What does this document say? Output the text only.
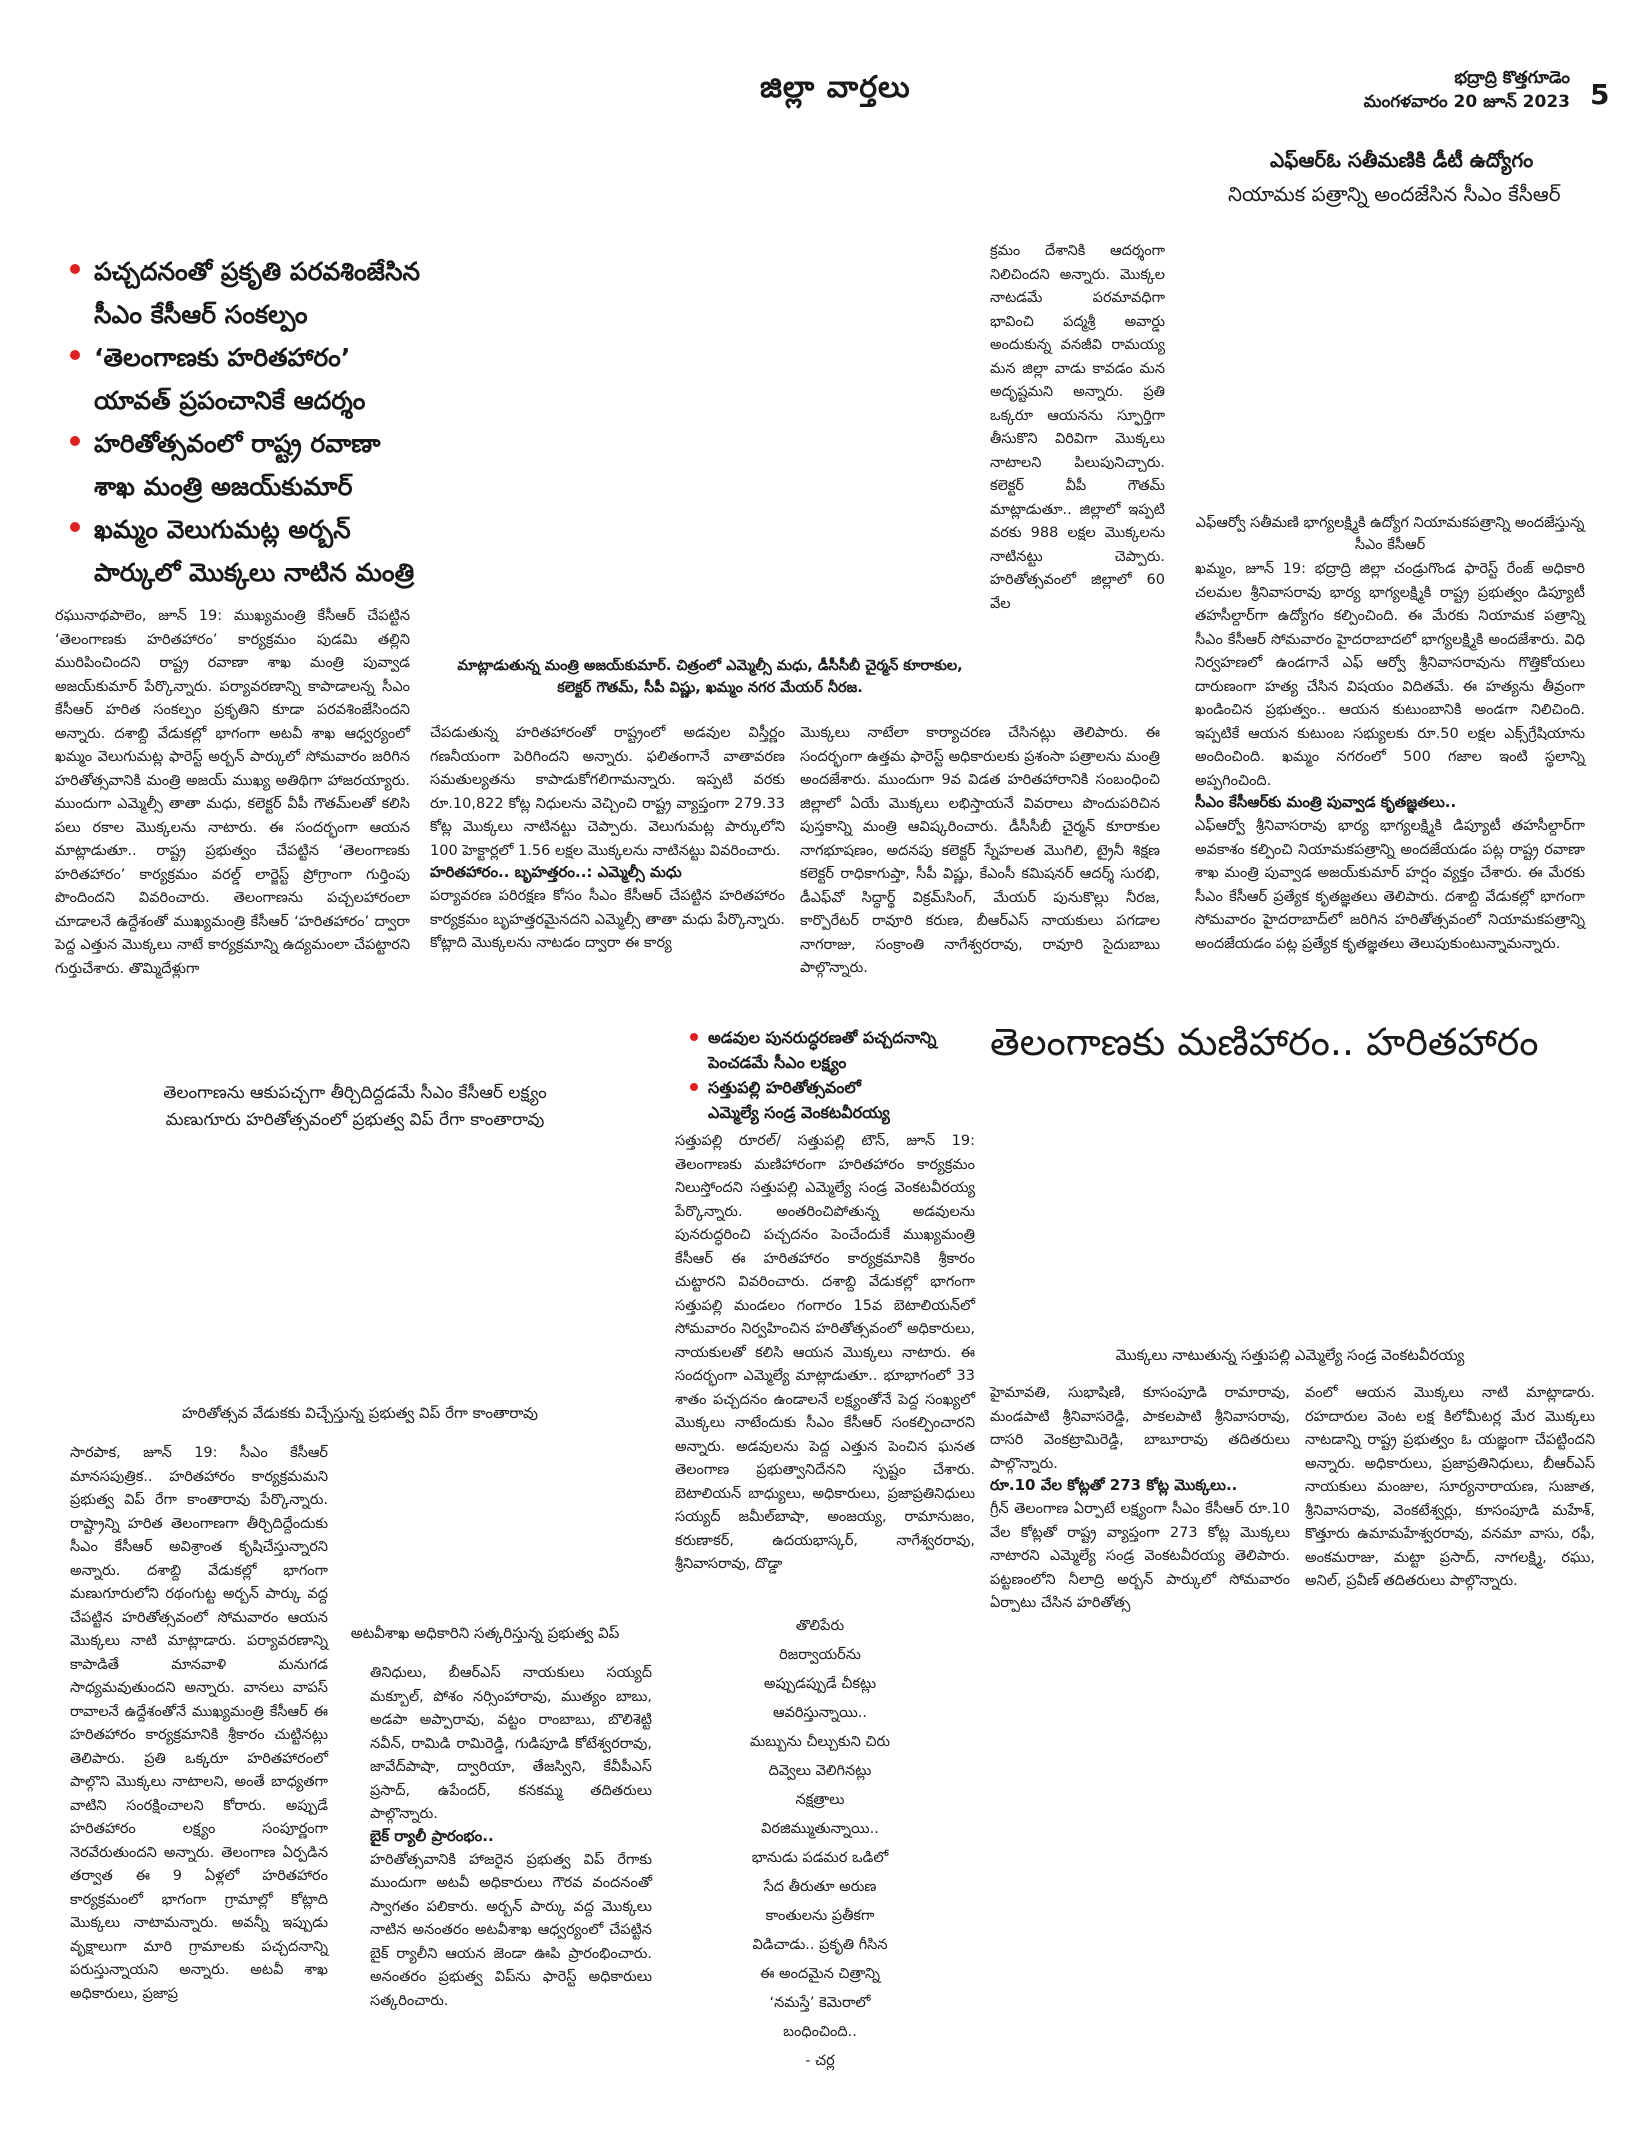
జిల్లా వార్తలు	భద్రాద్రి కొత్తగూడెం
మంగళవారం 20 జూన్ 2023 5
ఎఫ్ఆర్ఓ సతీమణికి డీటీ ఉద్యోగం
నియామక పత్రాన్ని అందజేసిన సీఎం కేసీఆర్
ఎఫ్ఆర్వో సతీమణి భాగ్యలక్ష్మికి ఉద్యోగ నియామకపత్రాన్ని అందజేస్తున్న సీఎం కేసీఆర్
ఖమ్మం, జూన్ 19: భద్రాద్రి జిల్లా చండ్రుగొండ ఫారెస్ట్ రేంజ్ అధికారి చలమల శ్రీనివాసరావు భార్య భాగ్యలక్ష్మికి రాష్ట్ర ప్రభుత్వం డిప్యూటీ తహసీల్దార్‌గా ఉద్యోగం కల్పించింది. ఈ మేరకు నియామక పత్రాన్ని సీఎం కేసీఆర్ సోమవారం హైదరాబాదలో భాగ్యలక్ష్మికి అందజేశారు. విధి నిర్వహణలో ఉండగానే ఎఫ్ ఆర్వో శ్రీనివాసరావును గొత్తికోయలు దారుణంగా హత్య చేసిన విషయం విదితమే. ఈ హత్యను తీవ్రంగా ఖండించిన ప్రభుత్వం.. ఆయన కుటుంబానికి అండగా నిలిచింది. ఇప్పటికే ఆయన కుటుంబ సభ్యులకు రూ.50 లక్షల ఎక్స్‌గ్రేషియాను అందించింది. ఖమ్మం నగరంలో 500 గజాల ఇంటి స్థలాన్ని అప్పగించింది.
సీఎం కేసీఆర్‌కు మంత్రి పువ్వాడ కృతజ్ఞతలు..
ఎఫ్ఆర్వో శ్రీనివాసరావు భార్య భాగ్యలక్ష్మికి డిప్యూటీ తహసీల్దార్‌గా అవకాశం కల్పించి నియామకపత్రాన్ని అందజేయడం పట్ల రాష్ట్ర రవాణా శాఖ మంత్రి పువ్వాడ అజయ్‌కుమార్ హర్షం వ్యక్తం చేశారు. ఈ మేరకు సీఎం కేసీఆర్ ప్రత్యేక కృతజ్ఞతలు తెలిపారు. దశాబ్ది వేడుకల్లో భాగంగా సోమవారం హైదరాబాద్‌లో జరిగిన హరితోత్సవంలో నియామకపత్రాన్ని అందజేయడం పట్ల ప్రత్యేక కృతజ్ఞతలు తెలుపుకుంటున్నామన్నారు.
పచ్చదనంతో ప్రకృతి పరవశింజేసిన
సీఎం కేసీఆర్ సంకల్పం
‘తెలంగాణకు హరితహారం’
యావత్ ప్రపంచానికే ఆదర్శం
హరితోత్సవంలో రాష్ట్ర రవాణా
శాఖ మంత్రి అజయ్‌కుమార్
ఖమ్మం వెలుగుమట్ల అర్బన్
పార్కులో మొక్కలు నాటిన మంత్రి
క్రమం దేశానికి ఆదర్శంగా నిలిచిందని అన్నారు. మొక్కల నాటడమే పరమావధిగా భావించి పద్మశ్రీ అవార్డు అందుకున్న వనజీవి రామయ్య మన జిల్లా వాడు కావడం మన అదృష్టమని అన్నారు. ప్రతి ఒక్కరూ ఆయనను స్ఫూర్తిగా తీసుకొని విరివిగా మొక్కలు నాటాలని పిలుపునిచ్చారు. కలెక్టర్ వీపీ గౌతమ్ మాట్లాడుతూ.. జిల్లాలో ఇప్పటి వరకు 988 లక్షల మొక్కలను నాటినట్టు చెప్పారు. హరితోత్సవంలో జిల్లాలో 60 వేల
మాట్లాడుతున్న మంత్రి అజయ్‌కుమార్. చిత్రంలో ఎమ్మెల్సీ మధు, డీసీసీబీ చైర్మన్ కూరాకుల, కలెక్టర్ గౌతమ్, సీపీ విష్ణు, ఖమ్మం నగర మేయర్ నీరజ.
రఘునాథపాలెం, జూన్ 19: ముఖ్యమంత్రి కేసీఆర్ చేపట్టిన ‘తెలంగాణకు హరితహారం’ కార్యక్రమం పుడమి తల్లిని మురిపించిందని రాష్ట్ర రవాణా శాఖ మంత్రి పువ్వాడ అజయ్‌కుమార్ పేర్కొన్నారు. పర్యావరణాన్ని కాపాడాలన్న సీఎం కేసీఆర్ హరిత సంకల్పం ప్రకృతిని కూడా పరవశింజేసిందని అన్నారు. దశాబ్ది వేడుకల్లో భాగంగా అటవీ శాఖ ఆధ్వర్యంలో ఖమ్మం వెలుగుమట్ల ఫారెస్ట్ అర్బన్ పార్కులో సోమవారం జరిగిన హరితోత్సవానికి మంత్రి అజయ్ ముఖ్య అతిథిగా హాజరయ్యారు. ముందుగా ఎమ్మెల్సీ తాతా మధు, కలెక్టర్ వీపీ గౌతమ్‌లతో కలిసి పలు రకాల మొక్కలను నాటారు. ఈ సందర్భంగా ఆయన మాట్లాడుతూ.. రాష్ట్ర ప్రభుత్వం చేపట్టిన ‘తెలంగాణకు హరితహారం’ కార్యక్రమం వరల్డ్ లార్జెస్ట్ ప్రోగ్రాంగా గుర్తింపు పొందిందని వివరించారు. తెలంగాణను పచ్చలహారంలా చూడాలనే ఉద్దేశంతో ముఖ్యమంత్రి కేసీఆర్ ‘హరితహారం’ ద్వారా పెద్ద ఎత్తున మొక్కలు నాటే కార్యక్రమాన్ని ఉద్యమంలా చేపట్టారని గుర్తుచేశారు. తొమ్మిదేళ్లుగా
చేపడుతున్న హరితహారంతో రాష్ట్రంలో అడవుల విస్తీర్ణం గణనీయంగా పెరిగిందని అన్నారు. ఫలితంగానే వాతావరణ సమతుల్యతను కాపాడుకోగలిగామన్నారు. ఇప్పటి వరకు రూ.10,822 కోట్ల నిధులను వెచ్చించి రాష్ట్ర వ్యాప్తంగా 279.33 కోట్ల మొక్కలు నాటినట్టు చెప్పారు. వెలుగుమట్ల పార్కులోని 100 హెక్టార్లలో 1.56 లక్షల మొక్కలను నాటినట్టు వివరించారు.
హరితహారం.. బృహత్తరం..: ఎమ్మెల్సీ మధు
పర్యావరణ పరిరక్షణ కోసం సీఎం కేసీఆర్ చేపట్టిన హరితహారం కార్యక్రమం బృహత్తరమైనదని ఎమ్మెల్సీ తాతా మధు పేర్కొన్నారు. కోట్లాది మొక్కలను నాటడం ద్వారా ఈ కార్య
మొక్కలు నాటేలా కార్యాచరణ చేసినట్లు తెలిపారు. ఈ సందర్భంగా ఉత్తమ ఫారెస్ట్ అధికారులకు ప్రశంసా పత్రాలను మంత్రి అందజేశారు. ముందుగా 9వ విడత హరితహారానికి సంబంధించి జిల్లాలో ఏయే మొక్కలు లభిస్తాయనే వివరాలు పొందుపరిచిన పుస్తకాన్ని మంత్రి ఆవిష్కరించారు. డీసీసీబీ చైర్మన్ కూరాకుల నాగభూషణం, అదనపు కలెక్టర్ స్నేహలత మొగిలి, ట్రైనీ శిక్షణ కలెక్టర్ రాధికాగుప్తా, సీపీ విష్ణు, కేఎంసీ కమిషనర్ ఆదర్శ్ సురభి, డీఎఫ్‌వో సిద్ధార్థ్ విక్రమ్‌సింగ్, మేయర్ పునుకొల్లు నీరజ, కార్పొరేటర్ రావూరి కరుణ, బీఆర్ఎస్ నాయకులు పగడాల నాగరాజు, సంక్రాంతి నాగేశ్వరరావు, రావూరి సైదుబాబు పాల్గొన్నారు.
తెలంగాణను ఆకుపచ్చగా తీర్చిదిద్దడమే సీఎం కేసీఆర్ లక్ష్యం
మణుగూరు హరితోత్సవంలో ప్రభుత్వ విప్ రేగా కాంతారావు
హరితోత్సవ వేడుకకు విచ్చేస్తున్న ప్రభుత్వ విప్ రేగా కాంతారావు
సారపాక, జూన్ 19: సీఎం కేసీఆర్ మానసపుత్రిక.. హరితహారం కార్యక్రమమని ప్రభుత్వ విప్ రేగా కాంతారావు పేర్కొన్నారు. రాష్ట్రాన్ని హరిత తెలంగాణగా తీర్చిదిద్దేందుకు సీఎం కేసీఆర్ అవిశ్రాంత కృషిచేస్తున్నారని అన్నారు. దశాబ్ది వేడుకల్లో భాగంగా మణుగూరులోని రథంగుట్ట అర్బన్ పార్కు వద్ద చేపట్టిన హరితోత్సవంలో సోమవారం ఆయన మొక్కలు నాటి మాట్లాడారు. పర్యావరణాన్ని కాపాడితే మానవాళి మనుగడ సాధ్యమవుతుందని అన్నారు. వానలు వాపస్ రావాలనే ఉద్దేశంతోనే ముఖ్యమంత్రి కేసీఆర్ ఈ హరితహారం కార్యక్రమానికి శ్రీకారం చుట్టినట్లు తెలిపారు. ప్రతి ఒక్కరూ హరితహారంలో పాల్గొని మొక్కలు నాటాలని, అంతే బాధ్యతగా వాటిని సంరక్షించాలని కోరారు. అప్పుడే హరితహారం లక్ష్యం సంపూర్ణంగా నెరవేరుతుందని అన్నారు. తెలంగాణ ఏర్పడిన తర్వాత ఈ 9 ఏళ్లలో హరితహారం కార్యక్రమంలో భాగంగా గ్రామాల్లో కోట్లాది మొక్కలు నాటామన్నారు. అవన్నీ ఇప్పుడు వృక్షాలుగా మారి గ్రామాలకు పచ్చదనాన్ని పరుస్తున్నాయని అన్నారు. అటవీ శాఖ అధికారులు, ప్రజాప్ర
అటవీశాఖ అధికారిని సత్కరిస్తున్న ప్రభుత్వ విప్
తినిధులు, బీఆర్ఎస్ నాయకులు సయ్యద్ మక్బూల్, పోశం నర్సింహారావు, ముత్యం బాబు, అడపా అప్పారావు, వట్టం రాంబాబు, బొలిశెట్టి నవీన్, రామిడి రామిరెడ్డి, గుడిపూడి కోటేశ్వరరావు, జావేద్‌పాషా, ద్వారియా, తేజస్విని, కేవీపీఎస్ ప్రసాద్, ఉపేందర్, కనకమ్మ తదితరులు పాల్గొన్నారు.
బైక్ ర్యాలీ ప్రారంభం..
హరితోత్సవానికి హాజరైన ప్రభుత్వ విప్ రేగాకు ముందుగా అటవీ అధికారులు గౌరవ వందనంతో స్వాగతం పలికారు. అర్బన్ పార్కు వద్ద మొక్కలు నాటిన అనంతరం అటవీశాఖ ఆధ్వర్యంలో చేపట్టిన బైక్ ర్యాలీని ఆయన జెండా ఊపి ప్రారంభించారు. అనంతరం ప్రభుత్వ విప్‌ను ఫారెస్ట్ అధికారులు సత్కరించారు.
అడవుల పునరుద్ధరణతో పచ్చదనాన్ని
పెంచడమే సీఎం లక్ష్యం
సత్తుపల్లి హరితోత్సవంలో
ఎమ్మెల్యే సండ్ర వెంకటవీరయ్య
తెలంగాణకు మణిహారం.. హరితహారం
సత్తుపల్లి రూరల్/ సత్తుపల్లి టౌన్, జూన్ 19: తెలంగాణకు మణిహారంగా హరితహారం కార్యక్రమం నిలుస్తోందని సత్తుపల్లి ఎమ్మెల్యే సండ్ర వెంకటవీరయ్య పేర్కొన్నారు. అంతరించిపోతున్న అడవులను పునరుద్ధరించి పచ్చదనం పెంచేందుకే ముఖ్యమంత్రి కేసీఆర్ ఈ హరితహారం కార్యక్రమానికి శ్రీకారం చుట్టారని వివరించారు. దశాబ్ది వేడుకల్లో భాగంగా సత్తుపల్లి మండలం గంగారం 15వ బెటాలియన్‌లో సోమవారం నిర్వహించిన హరితోత్సవంలో అధికారులు, నాయకులతో కలిసి ఆయన మొక్కలు నాటారు. ఈ సందర్భంగా ఎమ్మెల్యే మాట్లాడుతూ.. భూభాగంలో 33 శాతం పచ్చదనం ఉండాలనే లక్ష్యంతోనే పెద్ద సంఖ్యలో మొక్కలు నాటేందుకు సీఎం కేసీఆర్ సంకల్పించారని అన్నారు. అడవులను పెద్ద ఎత్తున పెంచిన ఘనత తెలంగాణ ప్రభుత్వానిదేనని స్పష్టం చేశారు. బెటాలియన్ బాధ్యులు, అధికారులు, ప్రజాప్రతినిధులు సయ్యద్ జమీల్‌బాషా, అంజయ్య, రామానుజం, కరుణాకర్, ఉదయభాస్కర్, నాగేశ్వరరావు, శ్రీనివాసరావు, దొడ్డా
మొక్కలు నాటుతున్న సత్తుపల్లి ఎమ్మెల్యే సండ్ర వెంకటవీరయ్య
హైమావతి, సుభాషిణి, కూసంపూడి రామారావు, మండపాటి శ్రీనివాసరెడ్డి, పాకలపాటి శ్రీనివాసరావు, దాసరి వెంకట్రామిరెడ్డి, బాబూరావు తదితరులు పాల్గొన్నారు.
రూ.10 వేల కోట్లతో 273 కోట్ల మొక్కలు..
గ్రీన్ తెలంగాణ ఏర్పాటే లక్ష్యంగా సీఎం కేసీఆర్ రూ.10 వేల కోట్లతో రాష్ట్ర వ్యాప్తంగా 273 కోట్ల మొక్కలు నాటారని ఎమ్మెల్యే సండ్ర వెంకటవీరయ్య తెలిపారు. పట్టణంలోని నీలాద్రి అర్బన్ పార్కులో సోమవారం ఏర్పాటు చేసిన హరితోత్స
వంలో ఆయన మొక్కలు నాటి మాట్లాడారు. రహదారుల వెంట లక్ష కిలోమీటర్ల మేర మొక్కలు నాటడాన్ని రాష్ట్ర ప్రభుత్వం ఓ యజ్ఞంగా చేపట్టిందని అన్నారు. అధికారులు, ప్రజాప్రతినిధులు, బీఆర్ఎస్ నాయకులు మంజుల, సూర్యనారాయణ, సుజాత, శ్రీనివాసరావు, వెంకటేశ్వర్లు, కూసంపూడి మహేశ్, కొత్తూరు ఉమామహేశ్వరరావు, వనమా వాసు, రఫీ, అంకమరాజు, మట్టా ప్రసాద్, నాగలక్ష్మి, రఘు, అనిల్, ప్రవీణ్ తదితరులు పాల్గొన్నారు.
తొలిపేరు
రిజర్వాయర్‌ను
అప్పుడప్పుడే చీకట్లు
ఆవరిస్తున్నాయి..
మబ్బును చీల్చుకుని చిరు
దివ్వెలు వెలిగినట్లు
నక్షత్రాలు
విరజిమ్ముతున్నాయి..
భానుడు పడమర ఒడిలో
సేద తీరుతూ అరుణ
కాంతులను ప్రతీకగా
విడిచాడు.. ప్రకృతి గీసిన
ఈ అందమైన చిత్రాన్ని
‘నమస్తే’ కెమెరాలో
బంధించింది..
- చర్ల
